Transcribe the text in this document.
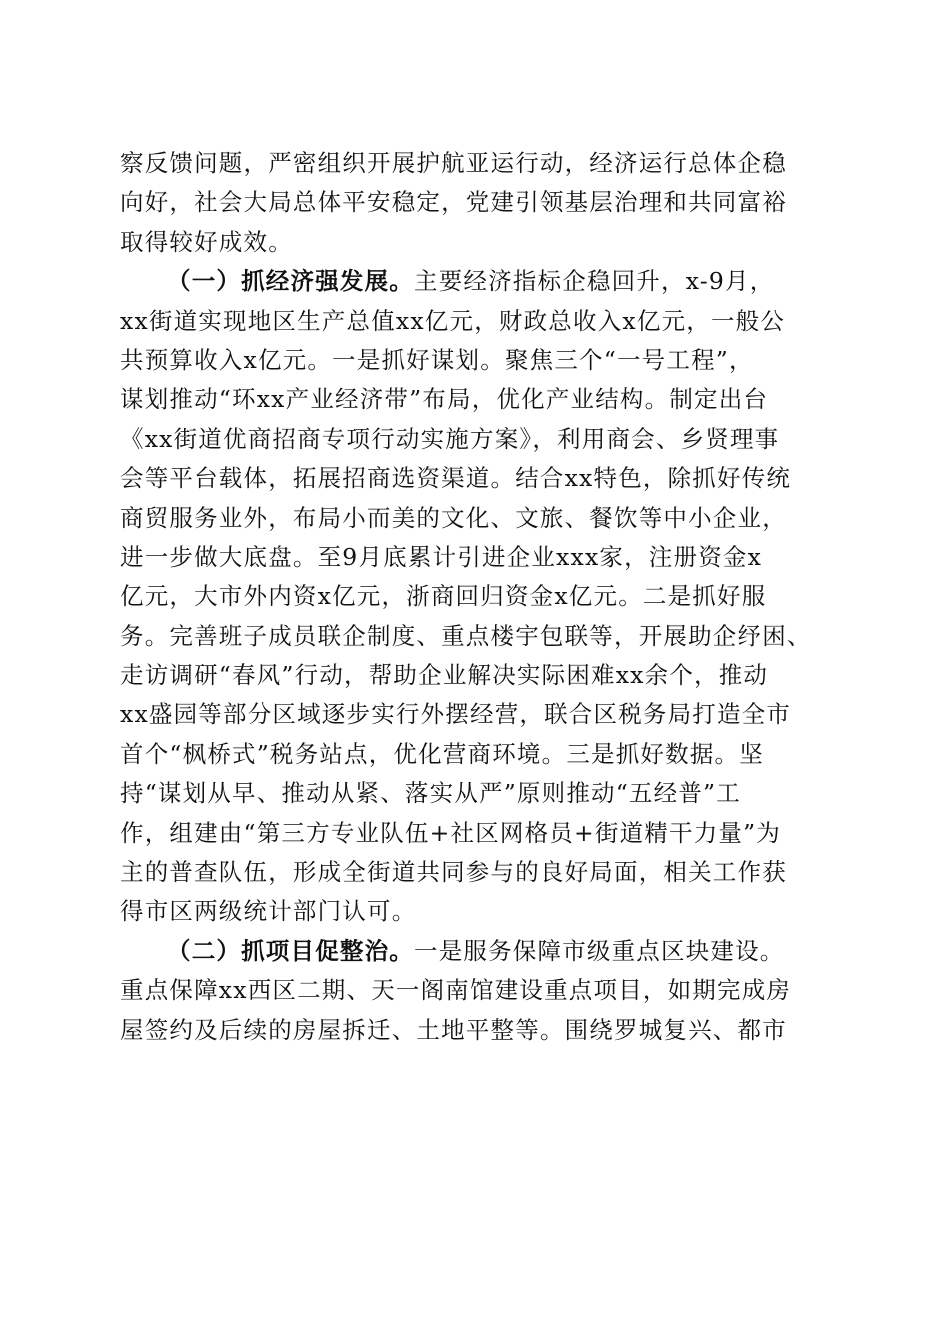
察反馈问题，严密组织开展护航亚运行动，经济运行总体企稳
向好，社会大局总体平安稳定，党建引领基层治理和共同富裕
取得较好成效。
（一）抓经济强发展。主要经济指标企稳回升，x-9月，
xx街道实现地区生产总值xx亿元，财政总收入x亿元，一般公
共预算收入x亿元。一是抓好谋划。聚焦三个“一号工程”，
谋划推动“环xx产业经济带”布局，优化产业结构。制定出台
《xx街道优商招商专项行动实施方案》，利用商会、乡贤理事
会等平台载体，拓展招商选资渠道。结合xx特色，除抓好传统
商贸服务业外，布局小而美的文化、文旅、餐饮等中小企业，
进一步做大底盘。至9月底累计引进企业xxx家，注册资金x
亿元，大市外内资x亿元，浙商回归资金x亿元。二是抓好服
务。完善班子成员联企制度、重点楼宇包联等，开展助企纾困、
走访调研“春风”行动，帮助企业解决实际困难xx余个，推动
xx盛园等部分区域逐步实行外摆经营，联合区税务局打造全市
首个“枫桥式”税务站点，优化营商环境。三是抓好数据。坚
持“谋划从早、推动从紧、落实从严”原则推动“五经普”工
作，组建由“第三方专业队伍+社区网格员+街道精干力量”为
主的普查队伍，形成全街道共同参与的良好局面，相关工作获
得市区两级统计部门认可。
（二）抓项目促整治。一是服务保障市级重点区块建设。
重点保障xx西区二期、天一阁南馆建设重点项目，如期完成房
屋签约及后续的房屋拆迁、土地平整等。围绕罗城复兴、都市
